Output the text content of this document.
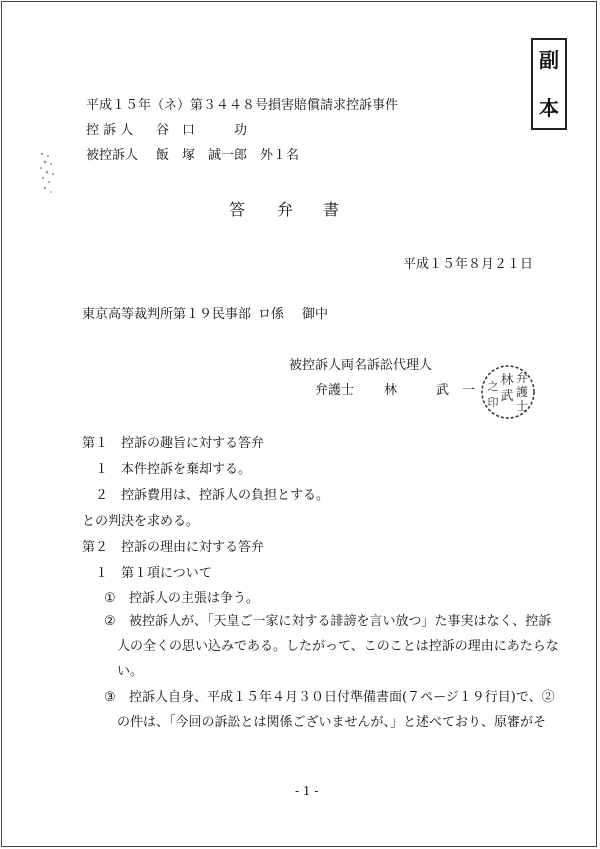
副
本
平成１５年（ネ）第３４４８号損害賠償請求控訴事件
控 訴 人 谷　口　　　功
被控訴人 飯　塚　誠一郎　外１名
答 弁 書
平成１５年８月２１日
東京高等裁判所第１９民事部 ロ係 御中
被控訴人両名訴訟代理人
弁護士 林　　　武　一
弁
護
士
林
武
之
印
第１　控訴の趣旨に対する答弁
１　本件控訴を棄却する。
２　控訴費用は、控訴人の負担とする。
との判決を求める。
第２　控訴の理由に対する答弁
１　第１項について
① 控訴人の主張は争う。
② 被控訴人が、「天皇ご一家に対する誹謗を言い放つ」た事実はなく、控訴
人の全くの思い込みである。したがって、このことは控訴の理由にあたらな
い。
③ 控訴人自身、平成１５年４月３０日付準備書面(７ページ１９行目)で、②
の件は、「今回の訴訟とは関係ございませんが、」と述べており、原審がそ
- 1 -
